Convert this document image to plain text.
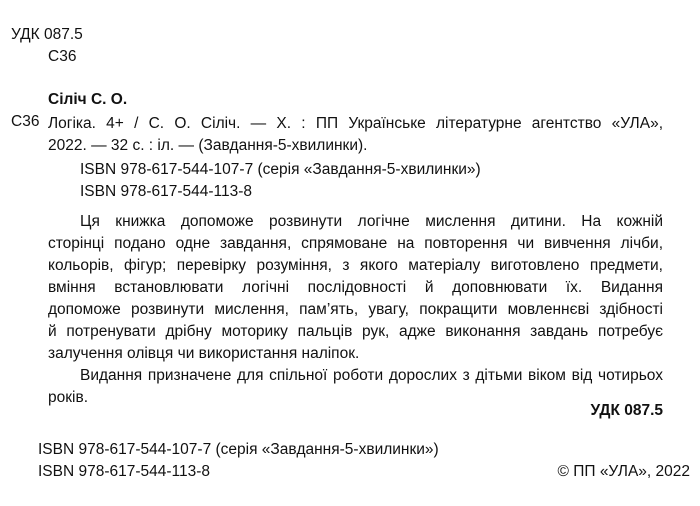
УДК 087.5
С36
Сіліч С. О.
С36 Логіка. 4+ / С. О. Сіліч. — Х. : ПП Українське літературне агентство «УЛА»,
2022. — 32 с. : іл. — (Завдання-5-хвилинки).
ISBN 978-617-544-107-7 (серія «Завдання-5-хвилинки»)
ISBN 978-617-544-113-8
Ця книжка допоможе розвинути логічне мислення дитини. На кожній
сторінці подано одне завдання, спрямоване на повторення чи вивчення лічби,
кольорів, фігур; перевірку розуміння, з якого матеріалу виготовлено предмети,
вміння встановлювати логічні послідовності й доповнювати їх. Видання
допоможе розвинути мислення, пам’ять, увагу, покращити мовленнєві здібності
й потренувати дрібну моторику пальців рук, адже виконання завдань потребує
залучення олівця чи використання наліпок.
Видання призначене для спільної роботи дорослих з дітьми віком від чотирьох
років.
УДК 087.5
ISBN 978-617-544-107-7 (серія «Завдання-5-хвилинки»)
ISBN 978-617-544-113-8	© ПП «УЛА», 2022
